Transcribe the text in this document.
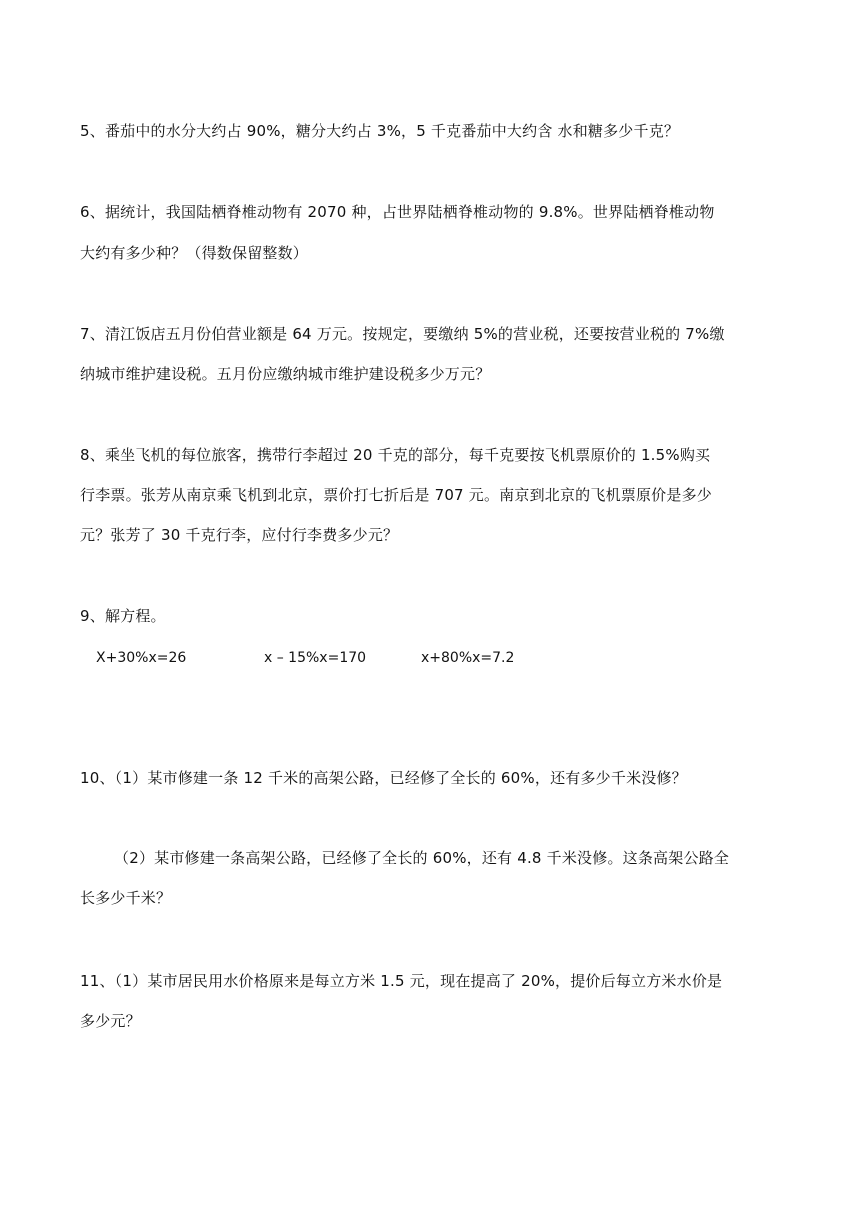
5、番茄中的水分大约占 90%，糖分大约占 3%，5 千克番茄中大约含 水和糖多少千克？
6、据统计，我国陆栖脊椎动物有 2070 种，占世界陆栖脊椎动物的 9.8%。世界陆栖脊椎动物
大约有多少种？（得数保留整数）
7、清江饭店五月份伯营业额是 64 万元。按规定，要缴纳 5%的营业税，还要按营业税的 7%缴
纳城市维护建设税。五月份应缴纳城市维护建设税多少万元？
8、乘坐飞机的每位旅客，携带行李超过 20 千克的部分，每千克要按飞机票原价的 1.5%购买
行李票。张芳从南京乘飞机到北京，票价打七折后是 707 元。南京到北京的飞机票原价是多少
元？张芳了 30 千克行李，应付行李费多少元？
9、解方程。
X+30%x=26	x – 15%x=170	x+80%x=7.2
10、（1）某市修建一条 12 千米的高架公路，已经修了全长的 60%，还有多少千米没修？
（2）某市修建一条高架公路，已经修了全长的 60%，还有 4.8 千米没修。这条高架公路全
长多少千米？
11、（1）某市居民用水价格原来是每立方米 1.5 元，现在提高了 20%，提价后每立方米水价是
多少元？
